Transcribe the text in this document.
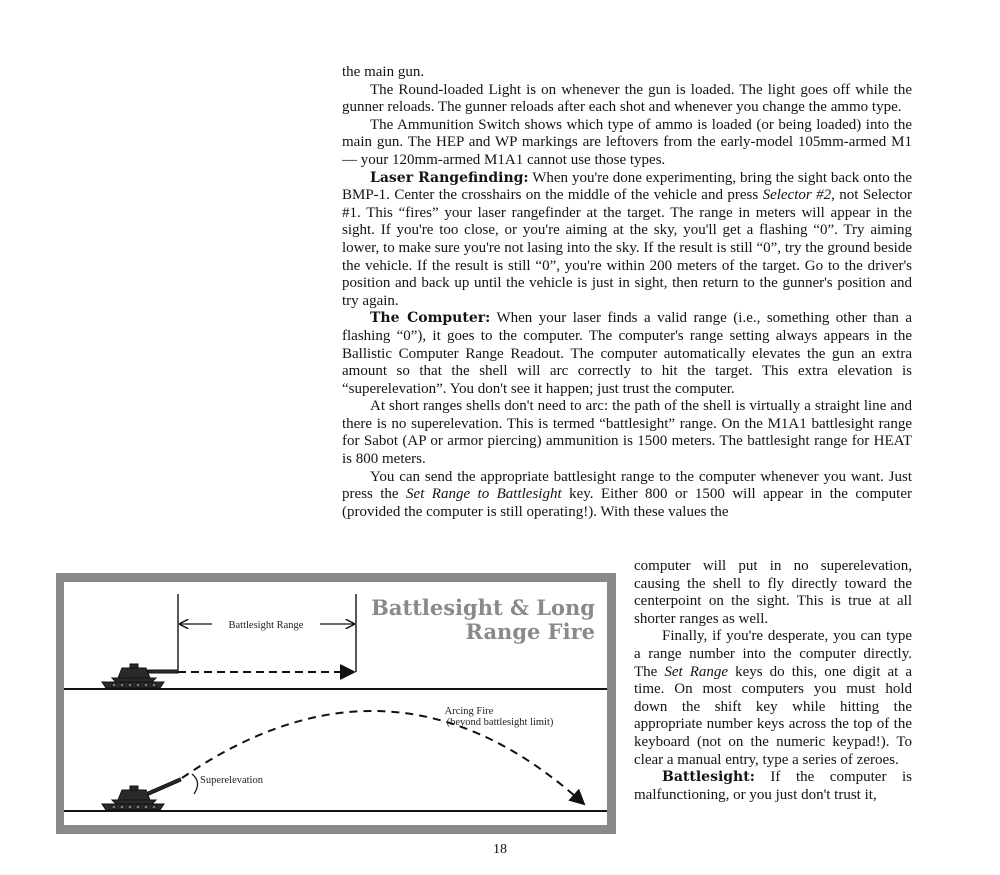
the main gun.

The Round-loaded Light is on whenever the gun is loaded. The light goes off while the gunner reloads. The gunner reloads after each shot and whenever you change the ammo type.

The Ammunition Switch shows which type of ammo is loaded (or being loaded) into the main gun. The HEP and WP markings are leftovers from the early-model 105mm-armed M1 — your 120mm-armed M1A1 cannot use those types.

Laser Rangefinding: When you're done experimenting, bring the sight back onto the BMP-1. Center the crosshairs on the middle of the vehicle and press Selector #2, not Selector #1. This “fires” your laser rangefinder at the target. The range in meters will appear in the sight. If you're too close, or you're aiming at the sky, you'll get a flashing “0”. Try aiming lower, to make sure you're not lasing into the sky. If the result is still “0”, try the ground beside the vehicle. If the result is still “0”, you're within 200 meters of the target. Go to the driver's position and back up until the vehicle is just in sight, then return to the gunner's position and try again.

The Computer: When your laser finds a valid range (i.e., something other than a flashing “0”), it goes to the computer. The computer's range setting always appears in the Ballistic Computer Range Readout. The computer automatically elevates the gun an extra amount so that the shell will arc correctly to hit the target. This extra elevation is “superelevation”. You don't see it happen; just trust the computer.

At short ranges shells don't need to arc: the path of the shell is virtually a straight line and there is no superelevation. This is termed “battlesight” range. On the M1A1 battlesight range for Sabot (AP or armor piercing) ammunition is 1500 meters. The battlesight range for HEAT is 800 meters.

You can send the appropriate battlesight range to the computer whenever you want. Just press the Set Range to Battlesight key. Either 800 or 1500 will appear in the computer (provided the computer is still operating!). With these values the

computer will put in no superelevation, causing the shell to fly directly toward the centerpoint on the sight. This is true at all shorter ranges as well.

Finally, if you're desperate, you can type a range number into the computer directly. The Set Range keys do this, one digit at a time. On most computers you must hold down the shift key while hitting the appropriate number keys across the top of the keyboard (not on the numeric keypad!). To clear a manual entry, type a series of zeroes.

Battlesight: If the computer is malfunctioning, or you just don't trust it,

Battlesight & Long
Range Fire
Battlesight Range
Arcing Fire
(beyond battlesight limit)
Superelevation
18
